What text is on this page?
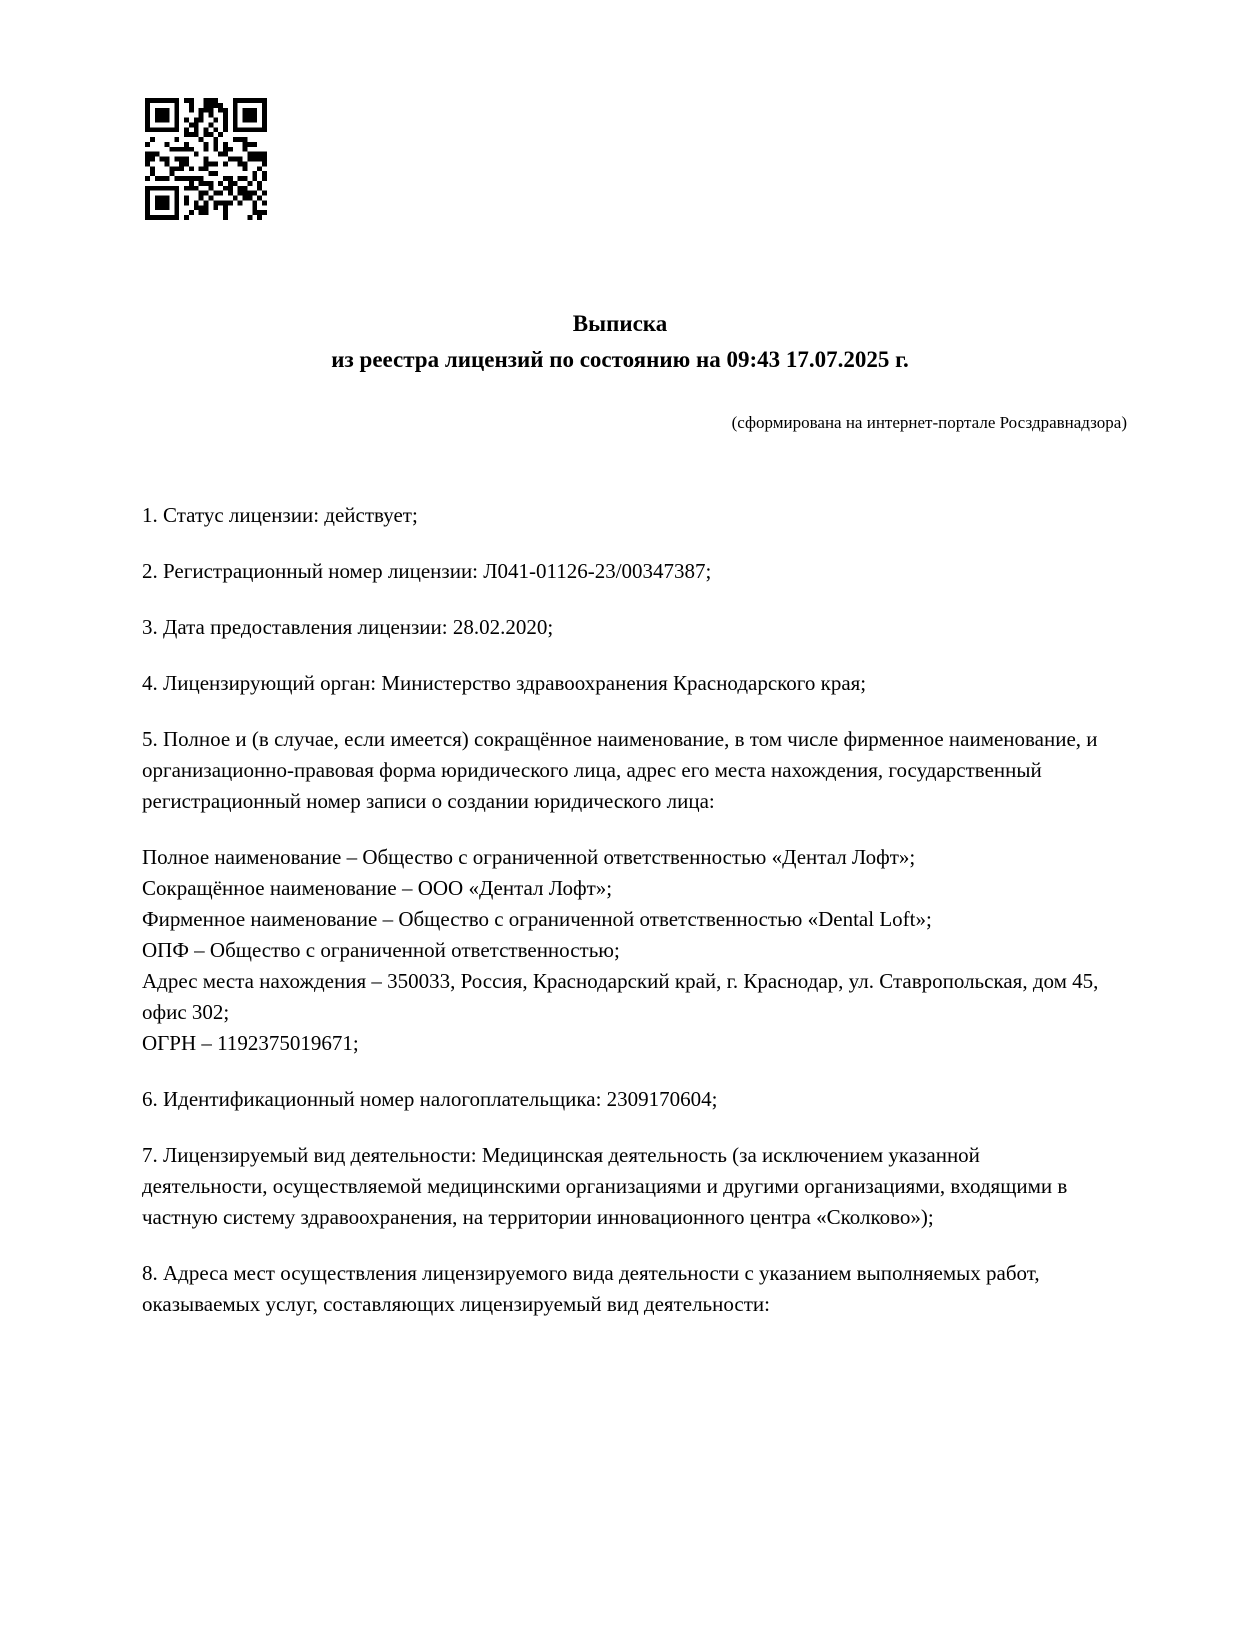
Выписка
из реестра лицензий по состоянию на 09:43 17.07.2025 г.
(сформирована на интернет-портале Росздравнадзора)

1. Статус лицензии: действует;

2. Регистрационный номер лицензии: Л041-01126-23/00347387;

3. Дата предоставления лицензии: 28.02.2020;

4. Лицензирующий орган: Министерство здравоохранения Краснодарского края;

5. Полное и (в случае, если имеется) сокращённое наименование, в том числе фирменное наименование, и организационно-правовая форма юридического лица, адрес его места нахождения, государственный регистрационный номер записи о создании юридического лица:

Полное наименование – Общество с ограниченной ответственностью «Дентал Лофт»;
Сокращённое наименование – ООО «Дентал Лофт»;
Фирменное наименование – Общество с ограниченной ответственностью «Dental Loft»;
ОПФ – Общество с ограниченной ответственностью;
Адрес места нахождения – 350033, Россия, Краснодарский край, г. Краснодар, ул. Ставропольская, дом 45, офис 302;
ОГРН – 1192375019671;

6. Идентификационный номер налогоплательщика: 2309170604;

7. Лицензируемый вид деятельности: Медицинская деятельность (за исключением указанной деятельности, осуществляемой медицинскими организациями и другими организациями, входящими в частную систему здравоохранения, на территории инновационного центра «Сколково»);

8. Адреса мест осуществления лицензируемого вида деятельности с указанием выполняемых работ, оказываемых услуг, составляющих лицензируемый вид деятельности:
